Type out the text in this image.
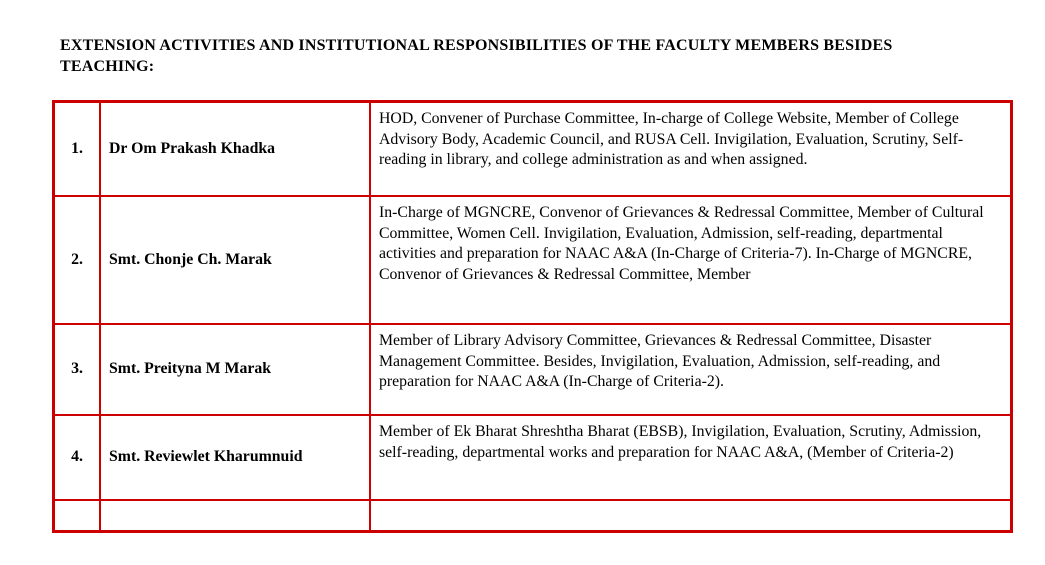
EXTENSION ACTIVITIES AND INSTITUTIONAL RESPONSIBILITIES OF THE FACULTY MEMBERS BESIDES TEACHING:
1.	Dr Om Prakash Khadka	HOD, Convener of Purchase Committee, In-charge of College Website, Member of College Advisory Body, Academic Council, and RUSA Cell. Invigilation, Evaluation, Scrutiny, Self-reading in library, and college administration as and when assigned.
2.	Smt. Chonje Ch. Marak	In-Charge of MGNCRE, Convenor of Grievances & Redressal Committee, Member of Cultural Committee, Women Cell. Invigilation, Evaluation, Admission, self-reading, departmental activities and preparation for NAAC A&A (In-Charge of Criteria-7). In-Charge of MGNCRE, Convenor of Grievances & Redressal Committee, Member
3.	Smt. Preityna M Marak	Member of Library Advisory Committee, Grievances & Redressal Committee, Disaster Management Committee. Besides, Invigilation, Evaluation, Admission, self-reading, and preparation for NAAC A&A (In-Charge of Criteria-2).
4.	Smt. Reviewlet Kharumnuid	Member of Ek Bharat Shreshtha Bharat (EBSB), Invigilation, Evaluation, Scrutiny, Admission, self-reading, departmental works and preparation for NAAC A&A, (Member of Criteria-2)
